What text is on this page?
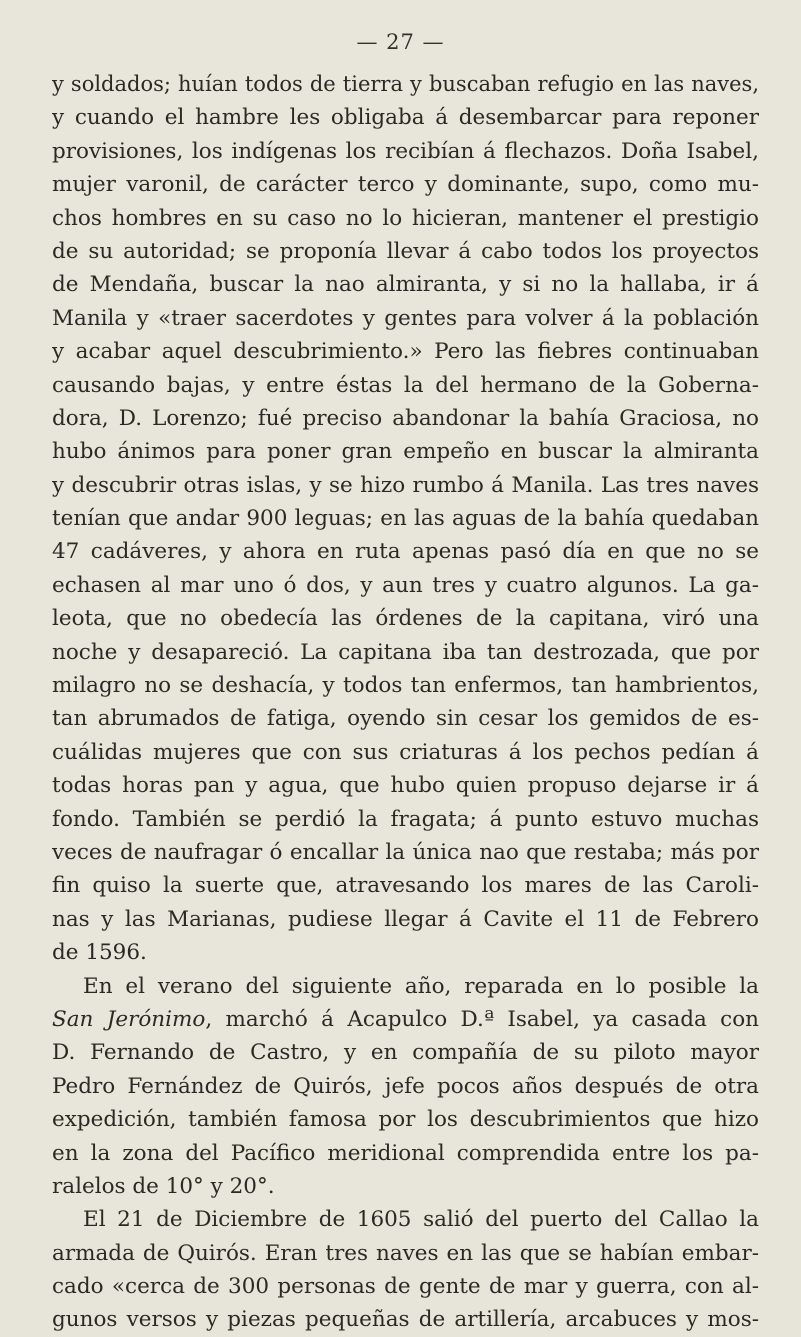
— 27 —
y soldados; huían todos de tierra y buscaban refugio en las naves,
y cuando el hambre les obligaba á desembarcar para reponer
provisiones, los indígenas los recibían á flechazos. Doña Isabel,
mujer varonil, de carácter terco y dominante, supo, como mu-
chos hombres en su caso no lo hicieran, mantener el prestigio
de su autoridad; se proponía llevar á cabo todos los proyectos
de Mendaña, buscar la nao almiranta, y si no la hallaba, ir á
Manila y «traer sacerdotes y gentes para volver á la población
y acabar aquel descubrimiento.» Pero las fiebres continuaban
causando bajas, y entre éstas la del hermano de la Goberna-
dora, D. Lorenzo; fué preciso abandonar la bahía Graciosa, no
hubo ánimos para poner gran empeño en buscar la almiranta
y descubrir otras islas, y se hizo rumbo á Manila. Las tres naves
tenían que andar 900 leguas; en las aguas de la bahía quedaban
47 cadáveres, y ahora en ruta apenas pasó día en que no se
echasen al mar uno ó dos, y aun tres y cuatro algunos. La ga-
leota, que no obedecía las órdenes de la capitana, viró una
noche y desapareció. La capitana iba tan destrozada, que por
milagro no se deshacía, y todos tan enfermos, tan hambrientos,
tan abrumados de fatiga, oyendo sin cesar los gemidos de es-
cuálidas mujeres que con sus criaturas á los pechos pedían á
todas horas pan y agua, que hubo quien propuso dejarse ir á
fondo. También se perdió la fragata; á punto estuvo muchas
veces de naufragar ó encallar la única nao que restaba; más por
fin quiso la suerte que, atravesando los mares de las Caroli-
nas y las Marianas, pudiese llegar á Cavite el 11 de Febrero
de 1596.
En el verano del siguiente año, reparada en lo posible la
San Jerónimo, marchó á Acapulco D.ª Isabel, ya casada con
D. Fernando de Castro, y en compañía de su piloto mayor
Pedro Fernández de Quirós, jefe pocos años después de otra
expedición, también famosa por los descubrimientos que hizo
en la zona del Pacífico meridional comprendida entre los pa-
ralelos de 10° y 20°.
El 21 de Diciembre de 1605 salió del puerto del Callao la
armada de Quirós. Eran tres naves en las que se habían embar-
cado «cerca de 300 personas de gente de mar y guerra, con al-
gunos versos y piezas pequeñas de artillería, arcabuces y mos-
